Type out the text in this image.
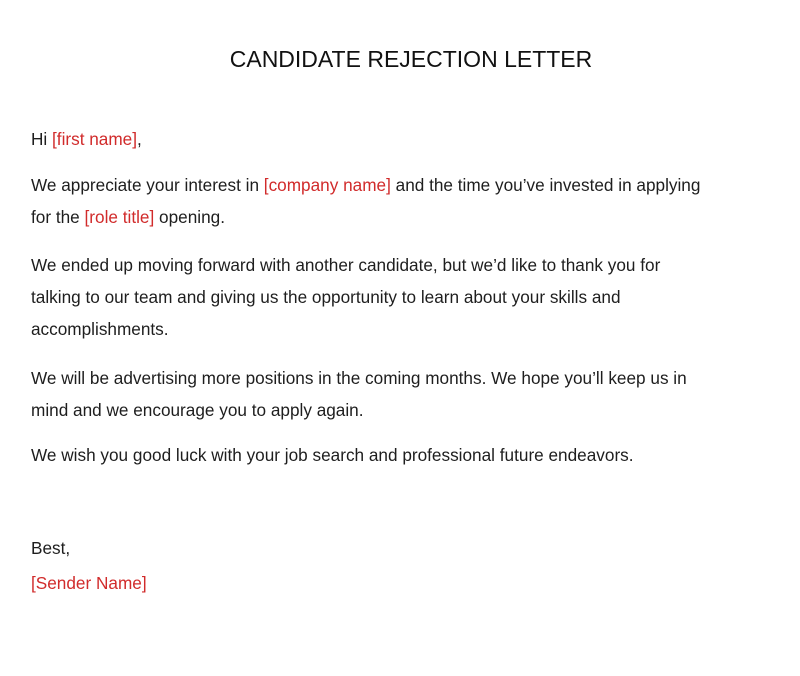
CANDIDATE REJECTION LETTER

Hi [first name],

We appreciate your interest in [company name] and the time you’ve invested in applying
for the [role title] opening.

We ended up moving forward with another candidate, but we’d like to thank you for
talking to our team and giving us the opportunity to learn about your skills and
accomplishments.

We will be advertising more positions in the coming months. We hope you’ll keep us in
mind and we encourage you to apply again.

We wish you good luck with your job search and professional future endeavors.

Best,

[Sender Name]
